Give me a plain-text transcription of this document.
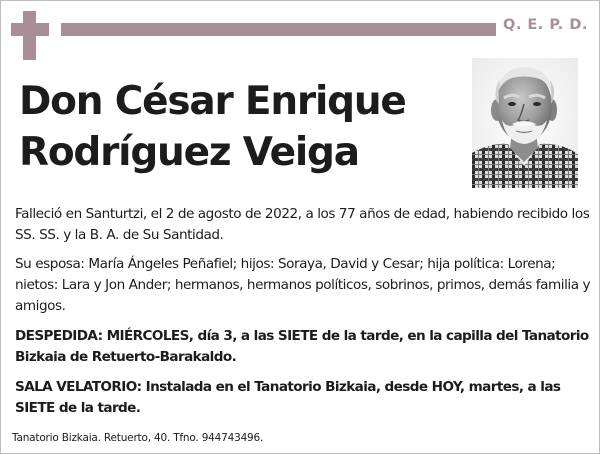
Q. E. P. D.
Don César Enrique
Rodríguez Veiga

Falleció en Santurtzi, el 2 de agosto de 2022, a los 77 años de edad, habiendo recibido los SS. SS. y la B. A. de Su Santidad.

Su esposa: María Ángeles Peñafiel; hijos: Soraya, David y Cesar; hija política: Lorena; nietos: Lara y Jon Ander; hermanos, hermanos políticos, sobrinos, primos, demás familia y amigos.

DESPEDIDA: MIÉRCOLES, día 3, a las SIETE de la tarde, en la capilla del Tanatorio Bizkaia de Retuerto-Barakaldo.

SALA VELATORIO: Instalada en el Tanatorio Bizkaia, desde HOY, martes, a las SIETE de la tarde.

Tanatorio Bizkaia. Retuerto, 40. Tfno. 944743496.
